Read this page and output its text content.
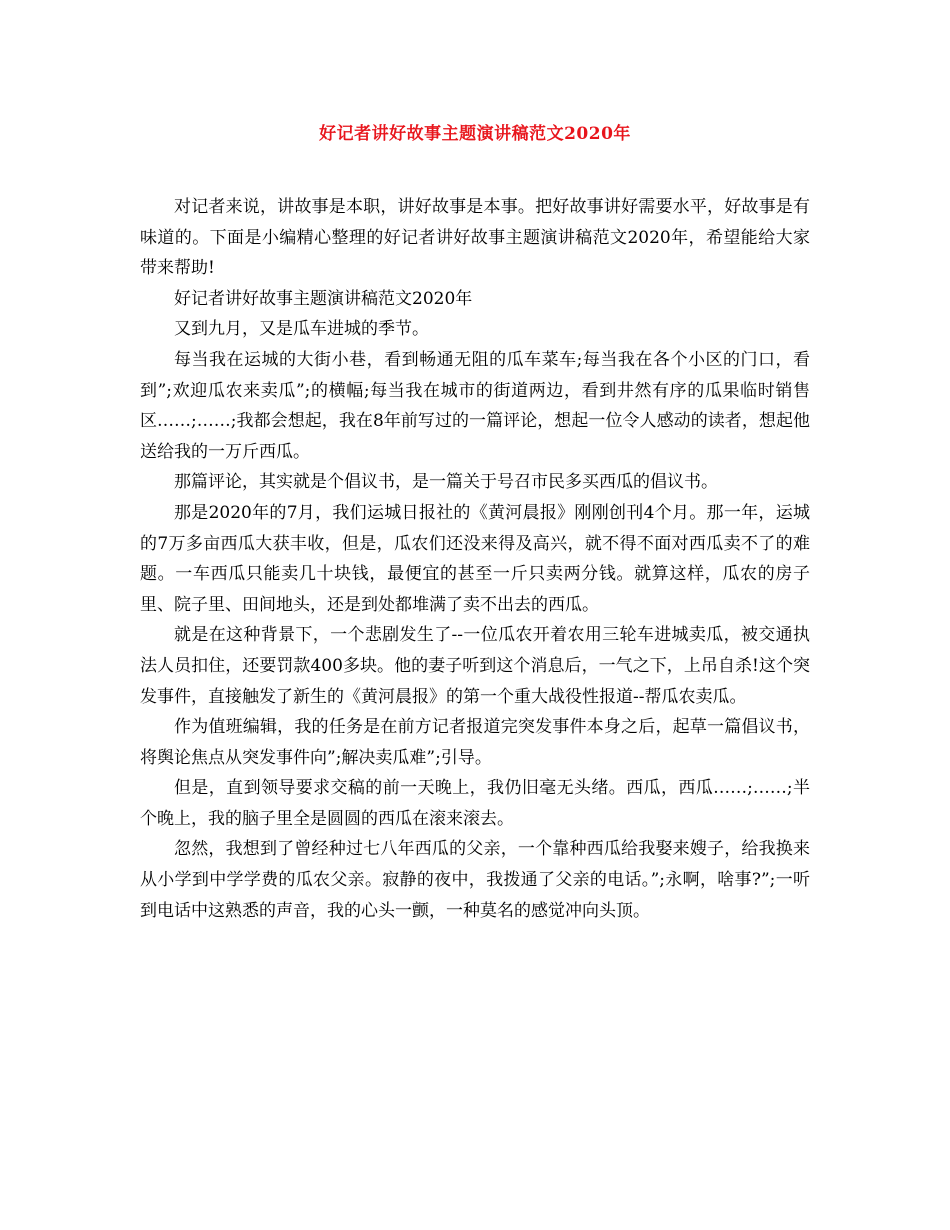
好记者讲好故事主题演讲稿范文2020年

对记者来说，讲故事是本职，讲好故事是本事。把好故事讲好需要水平，好故事是有味道的。下面是小编精心整理的好记者讲好故事主题演讲稿范文2020年，希望能给大家带来帮助!

好记者讲好故事主题演讲稿范文2020年

又到九月，又是瓜车进城的季节。

每当我在运城的大街小巷，看到畅通无阻的瓜车菜车;每当我在各个小区的门口，看到”;欢迎瓜农来卖瓜”;的横幅;每当我在城市的街道两边，看到井然有序的瓜果临时销售区……;……;我都会想起，我在8年前写过的一篇评论，想起一位令人感动的读者，想起他送给我的一万斤西瓜。

那篇评论，其实就是个倡议书，是一篇关于号召市民多买西瓜的倡议书。

那是2020年的7月，我们运城日报社的《黄河晨报》刚刚创刊4个月。那一年，运城的7万多亩西瓜大获丰收，但是，瓜农们还没来得及高兴，就不得不面对西瓜卖不了的难题。一车西瓜只能卖几十块钱，最便宜的甚至一斤只卖两分钱。就算这样，瓜农的房子里、院子里、田间地头，还是到处都堆满了卖不出去的西瓜。

就是在这种背景下，一个悲剧发生了--一位瓜农开着农用三轮车进城卖瓜，被交通执法人员扣住，还要罚款400多块。他的妻子听到这个消息后，一气之下，上吊自杀!这个突发事件，直接触发了新生的《黄河晨报》的第一个重大战役性报道--帮瓜农卖瓜。

作为值班编辑，我的任务是在前方记者报道完突发事件本身之后，起草一篇倡议书，将舆论焦点从突发事件向”;解决卖瓜难”;引导。

但是，直到领导要求交稿的前一天晚上，我仍旧毫无头绪。西瓜，西瓜……;……;半个晚上，我的脑子里全是圆圆的西瓜在滚来滚去。

忽然，我想到了曾经种过七八年西瓜的父亲，一个靠种西瓜给我娶来嫂子，给我换来从小学到中学学费的瓜农父亲。寂静的夜中，我拨通了父亲的电话。”;永啊，啥事?”;一听到电话中这熟悉的声音，我的心头一颤，一种莫名的感觉冲向头顶。
